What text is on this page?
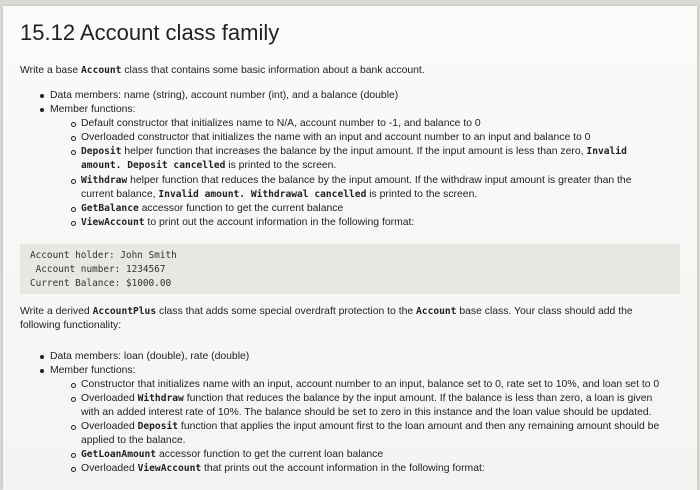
15.12 Account class family
Write a base Account class that contains some basic information about a bank account.
Data members: name (string), account number (int), and a balance (double)
Member functions:
Default constructor that initializes name to N/A, account number to -1, and balance to 0
Overloaded constructor that initializes the name with an input and account number to an input and balance to 0
Deposit helper function that increases the balance by the input amount. If the input amount is less than zero, Invalid
amount. Deposit cancelled is printed to the screen.
Withdraw helper function that reduces the balance by the input amount. If the withdraw input amount is greater than the
current balance, Invalid amount. Withdrawal cancelled is printed to the screen.
GetBalance accessor function to get the current balance
ViewAccount to print out the account information in the following format:
Account holder: John Smith
Account number: 1234567
Current Balance: $1000.00
Write a derived AccountPlus class that adds some special overdraft protection to the Account base class. Your class should add the
following functionality:
Data members: loan (double), rate (double)
Member functions:
Constructor that initializes name with an input, account number to an input, balance set to 0, rate set to 10%, and loan set to 0
Overloaded Withdraw function that reduces the balance by the input amount. If the balance is less than zero, a loan is given
with an added interest rate of 10%. The balance should be set to zero in this instance and the loan value should be updated.
Overloaded Deposit function that applies the input amount first to the loan amount and then any remaining amount should be
applied to the balance.
GetLoanAmount accessor function to get the current loan balance
Overloaded ViewAccount that prints out the account information in the following format:
